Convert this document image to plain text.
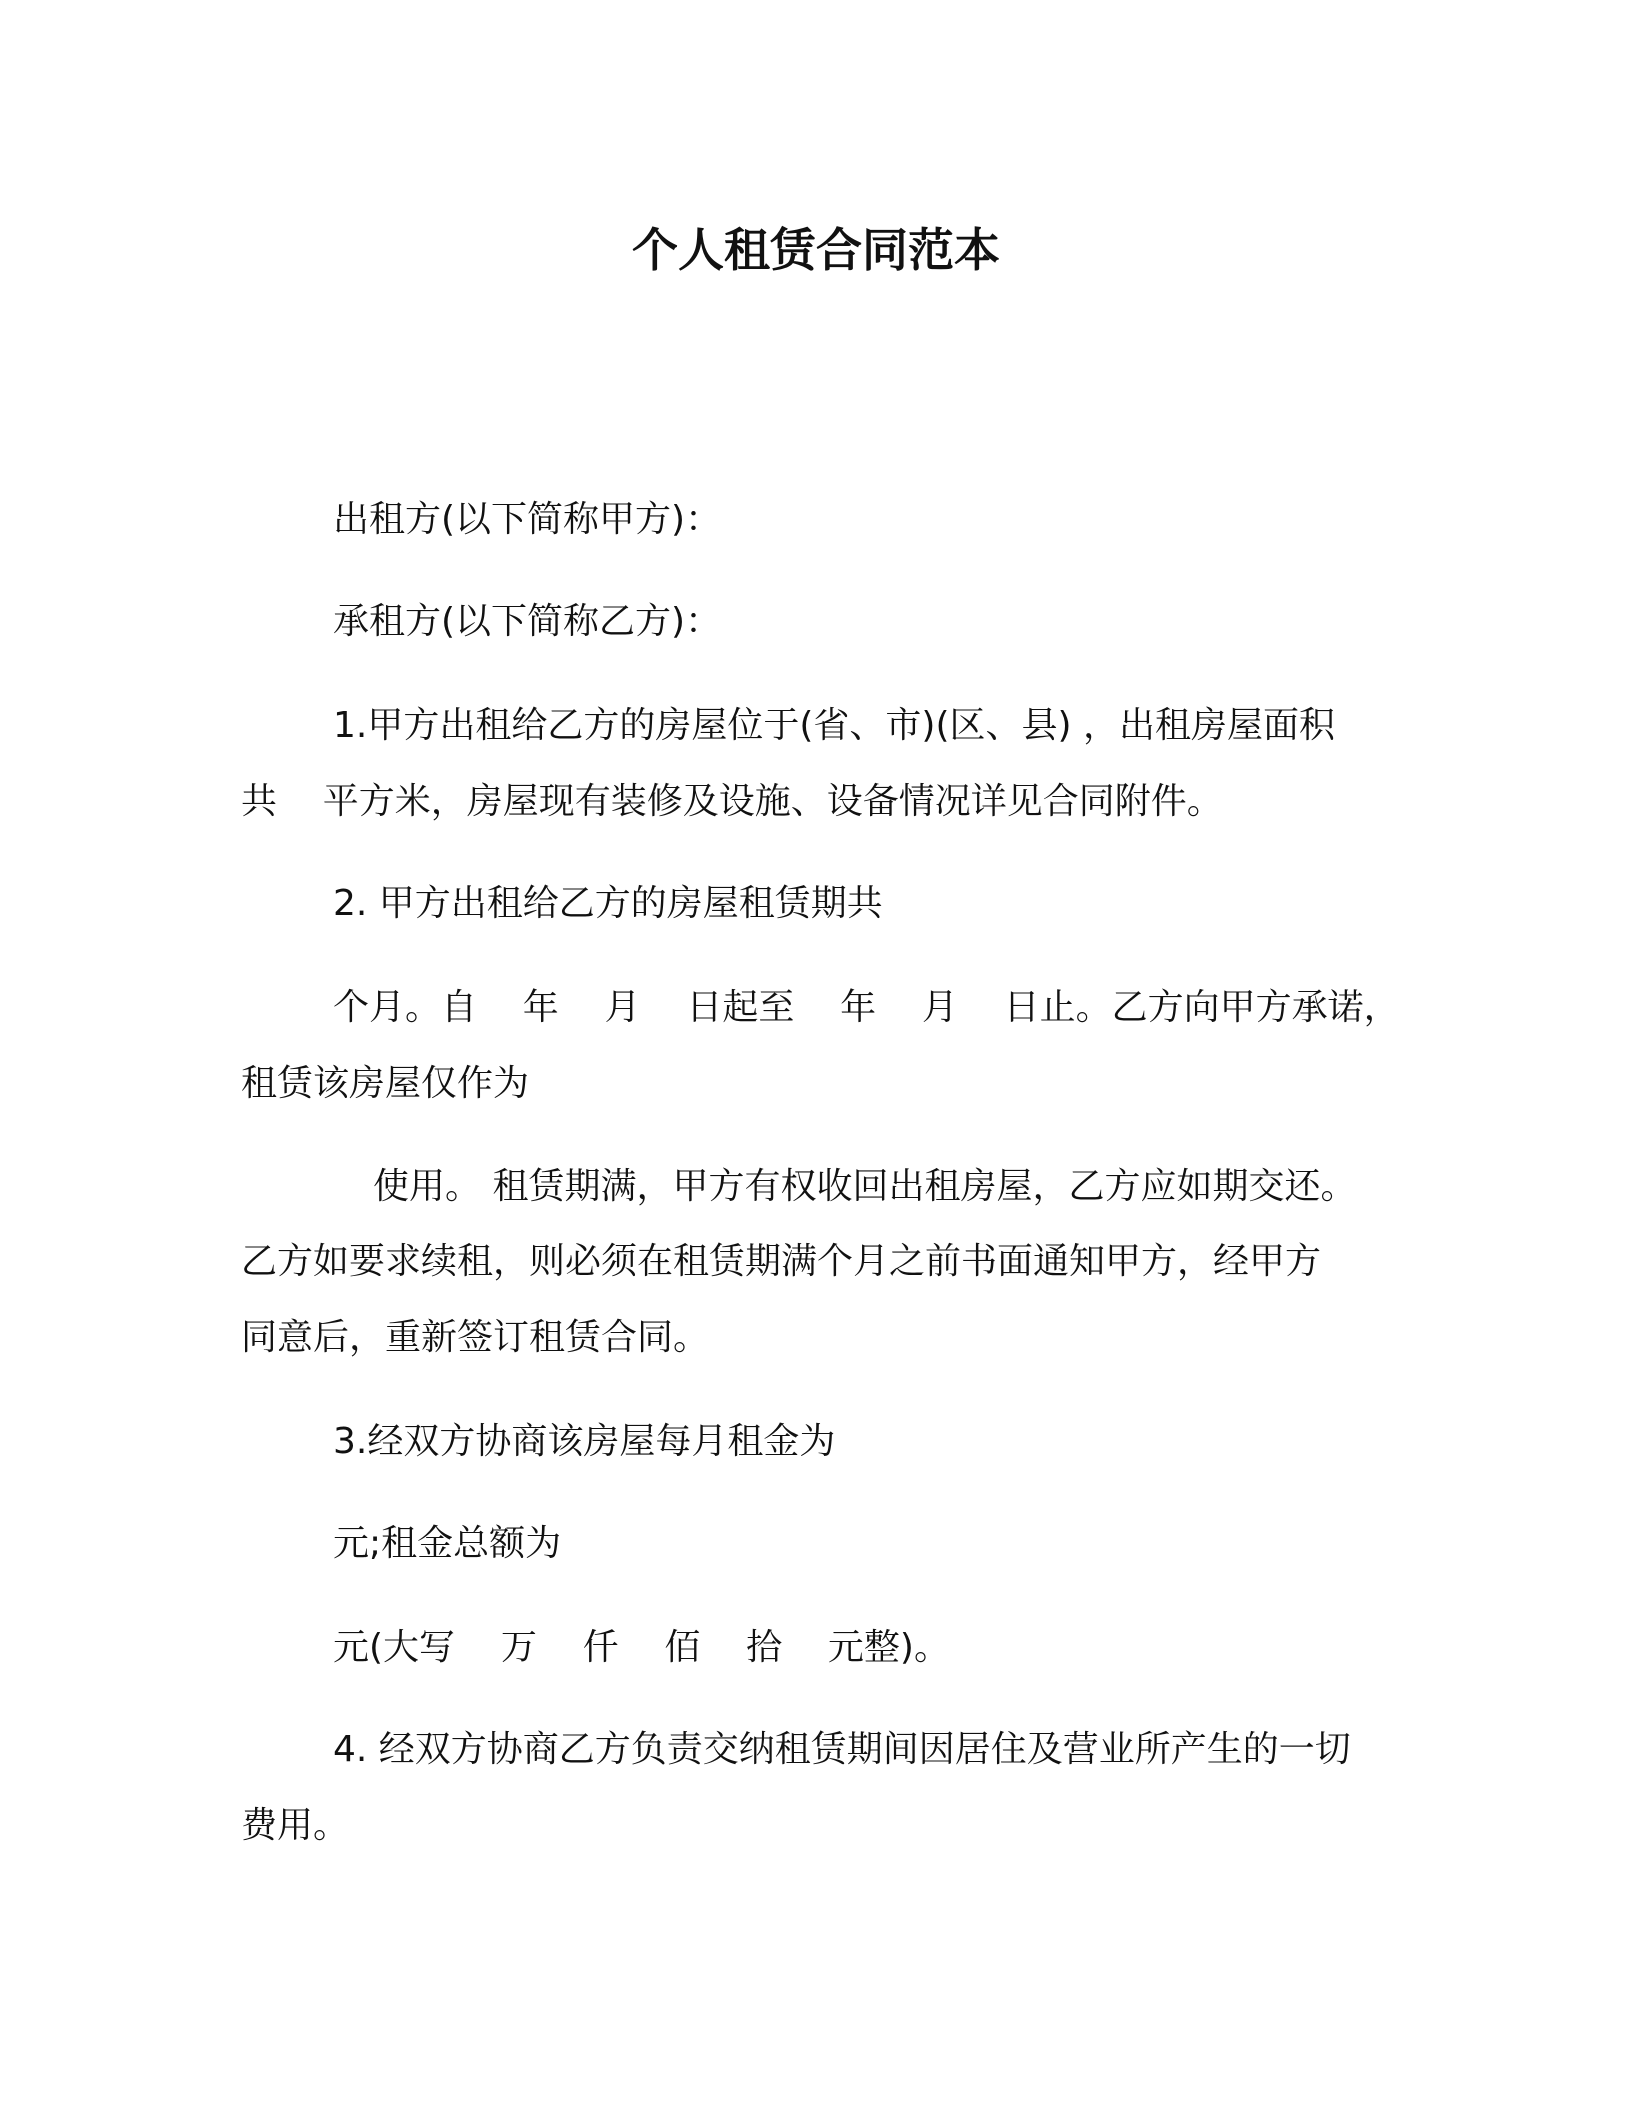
个人租赁合同范本
出租方(以下简称甲方)：
承租方(以下简称乙方)：
1.甲方出租给乙方的房屋位于(省、市)(区、县) ，出租房屋面积
共    平方米，房屋现有装修及设施、设备情况详见合同附件。
2. 甲方出租给乙方的房屋租赁期共
个月。自    年    月    日起至    年    月    日止。乙方向甲方承诺，
租赁该房屋仅作为
使用。 租赁期满，甲方有权收回出租房屋，乙方应如期交还。
乙方如要求续租，则必须在租赁期满个月之前书面通知甲方，经甲方
同意后，重新签订租赁合同。
3.经双方协商该房屋每月租金为
元;租金总额为
元(大写    万    仟    佰    拾    元整)。
4. 经双方协商乙方负责交纳租赁期间因居住及营业所产生的一切
费用。
